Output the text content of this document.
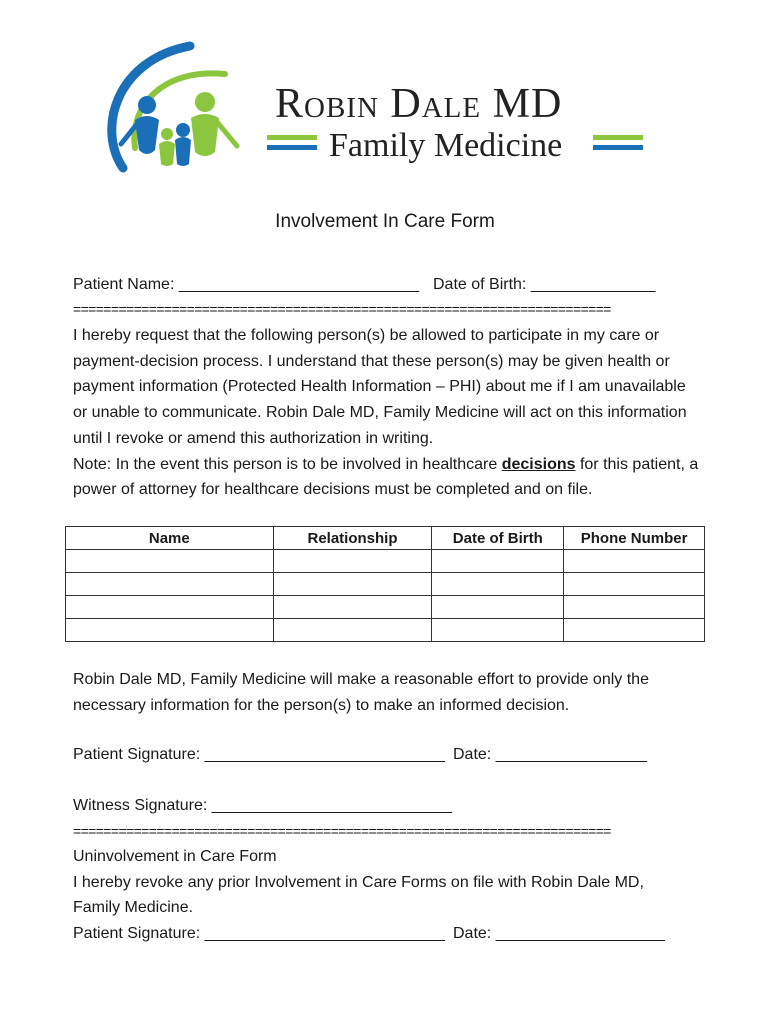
Robin Dale MD
Family Medicine
Involvement In Care Form
Patient Name: ___________________________ Date of Birth: ______________
=======================================================================

I hereby request that the following person(s) be allowed to participate in my care or payment-decision process. I understand that these person(s) may be given health or payment information (Protected Health Information – PHI) about me if I am unavailable or unable to communicate. Robin Dale MD, Family Medicine will act on this information until I revoke or amend this authorization in writing.

Note: In the event this person is to be involved in healthcare decisions for this patient, a power of attorney for healthcare decisions must be completed and on file.

Name	Relationship	Date of Birth	Phone Number

Robin Dale MD, Family Medicine will make a reasonable effort to provide only the necessary information for the person(s) to make an informed decision.
Patient Signature: ___________________________ Date: _________________
Witness Signature: ___________________________
=======================================================================

Uninvolvement in Care Form

I hereby revoke any prior Involvement in Care Forms on file with Robin Dale MD, Family Medicine.

Patient Signature: ___________________________ Date: ___________________
